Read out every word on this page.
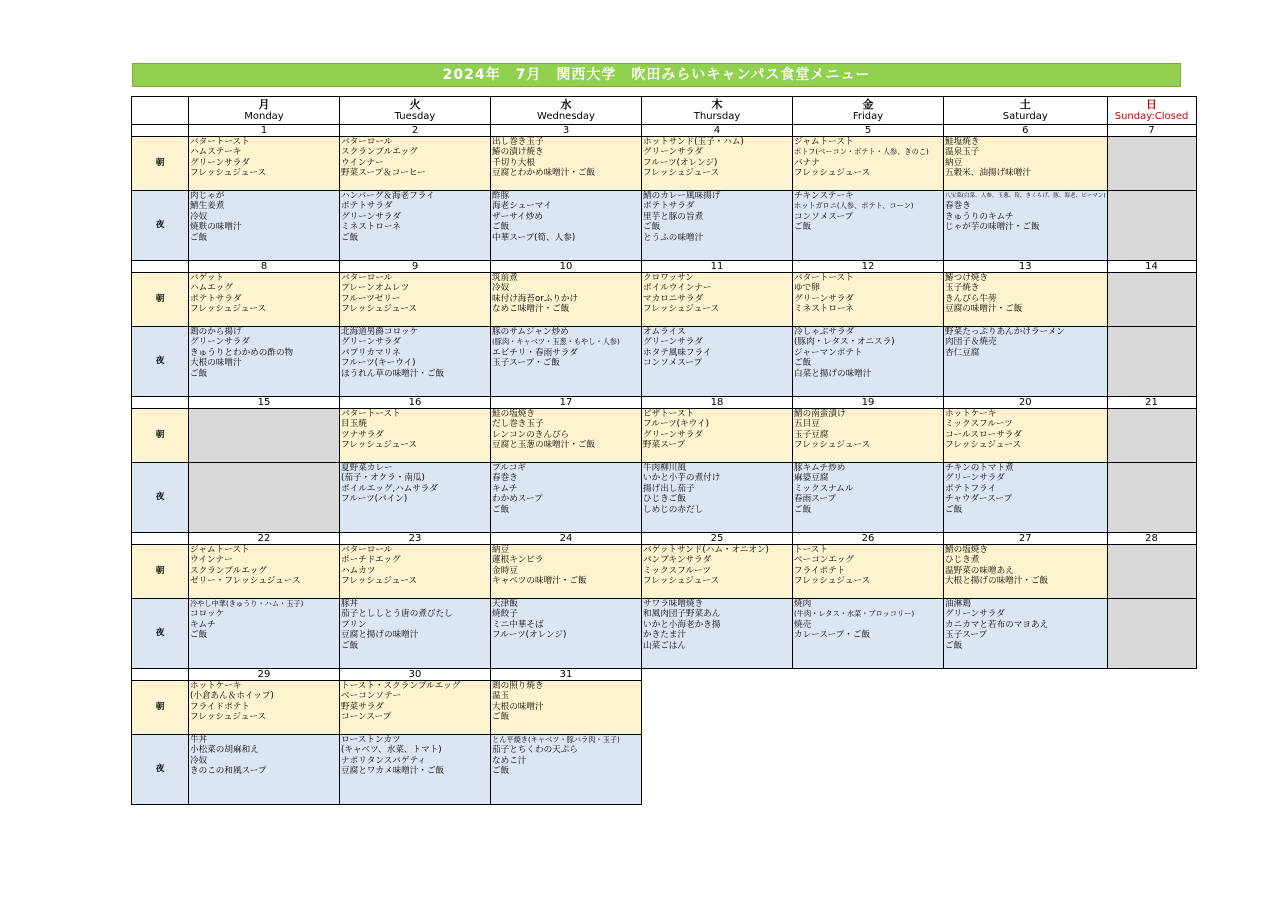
2024年　7月　関西大学　吹田みらいキャンパス食堂メニュー

	月
Monday	火
Tuesday	水
Wednesday	木
Thursday	金
Friday	土
Saturday	日
Sunday:Closed
	1	2	3	4	5	6	7
朝	バタートースト
ハムステーキ
グリーンサラダ
フレッシュジュース	バターロール
スクランブルエッグ
ウインナー
野菜スープ＆コーヒー	出し巻き玉子
鰆の漬け焼き
千切り大根
豆腐とわかめ味噌汁・ご飯	ホットサンド(玉子・ハム)
グリーンサラダ
フルーツ(オレンジ)
フレッシュジュース	ジャムトースト
ポトフ(ベーコン・ポテト・人参、きのこ)
バナナ
フレッシュジュース	鮭塩焼き
温泉玉子
納豆
五穀米、油揚げ味噌汁	

夜	肉じゃが
鯖生姜煮
冷奴
焼麩の味噌汁
ご飯	ハンバーグ＆海老フライ
ポテトサラダ
グリーンサラダ
ミネストローネ
ご飯	酢豚
海老シューマイ
ザーサイ炒め
ご飯
中華スープ(筍、人参)	鯖のカレー風味揚げ
ポテトサラダ
里芋と豚の旨煮
ご飯
とうふの味噌汁	チキンステーキ
ホットガロニ(人参、ポテト、コーン)
コンソメスープ
ご飯	八宝菜(白菜、人参、玉葱、筍、きくらげ、豚、海老、ピーマン)
春巻き
きゅうりのキムチ
じゃが芋の味噌汁・ご飯	

	8	9	10	11	12	13	14
朝	バゲット
ハムエッグ
ポテトサラダ
フレッシュジュース	バターロール
プレーンオムレツ
フルーツゼリー
フレッシュジュース	筑前煮
冷奴
味付け海苔orふりかけ
なめこ味噌汁・ご飯	クロワッサン
ボイルウインナー
マカロニサラダ
フレッシュジュース	バタートースト
ゆで卵
グリーンサラダ
ミネストローネ	鰆つけ焼き
玉子焼き
きんぴら牛蒡
豆腐の味噌汁・ご飯	

夜	鶏のから揚げ
グリーンサラダ
きゅうりとわかめの酢の物
大根の味噌汁
ご飯	北海道男爵コロッケ
グリーンサラダ
パプリカマリネ
フルーツ(キーウイ)
ほうれん草の味噌汁・ご飯	豚のサムジャン炒め
(豚肉・キャベツ・玉葱・もやし・人参)
エビチリ・春雨サラダ
玉子スープ・ご飯	オムライス
グリーンサラダ
ホタテ風味フライ
コンソメスープ	冷しゃぶサラダ
(豚肉・レタス・オニスラ)
ジャーマンポテト
ご飯
白菜と揚げの味噌汁	野菜たっぷりあんかけラーメン
肉団子＆焼売
杏仁豆腐	

	15	16	17	18	19	20	21
朝		バタートースト
目玉焼
ツナサラダ
フレッシュジュース	鮭の塩焼き
だし巻き玉子
レンコンのきんぴら
豆腐と玉葱の味噌汁・ご飯	ピザトースト
フルーツ(キウイ)
グリーンサラダ
野菜スープ	鯖の南蛮漬け
五目豆
玉子豆腐
フレッシュジュース	ホットケーキ
ミックスフルーツ
コールスローサラダ
フレッシュジュース	

夜		夏野菜カレー
(茄子・オクラ・南瓜)
ボイルエッグ,ハムサラダ
フルーツ(パイン)	プルコギ
春巻き
キムチ
わかめスープ
ご飯	牛肉柳川風
いかと小芋の煮付け
揚げ出し茄子
ひじきご飯
しめじの赤だし	豚キムチ炒め
麻婆豆腐
ミックスナムル
春雨スープ
ご飯	チキンのトマト煮
グリーンサラダ
ポテトフライ
チャウダースープ
ご飯	

	22	23	24	25	26	27	28
朝	ジャムトースト
ウインナー
スクランブルエッグ
ゼリー・フレッシュジュース	バターロール
ポーチドエッグ
ハムカツ
フレッシュジュース	納豆
蓮根キンピラ
金時豆
キャベツの味噌汁・ご飯	バゲットサンド(ハム・オニオン)
パンプキンサラダ
ミックスフルーツ
フレッシュジュース	トースト
ベーコンエッグ
フライポテト
フレッシュジュース	鯖の塩焼き
ひじき煮
温野菜の味噌あえ
大根と揚げの味噌汁・ご飯	

夜	冷やし中華(きゅうり・ハム・玉子)
コロッケ
キムチ
ご飯	豚丼
茄子とししとう唐の煮びたし
プリン
豆腐と揚げの味噌汁
ご飯	天津飯
焼餃子
ミニ中華そば
フルーツ(オレンジ)	サワラ味噌焼き
和風肉団子野菜あん
いかと小海老かき揚
かきたま汁
山菜ごはん	焼肉
(牛肉・レタス・水菜・ブロッコリー)
焼売
カレースープ・ご飯	油淋鶏
グリーンサラダ
カニカマと若布のマヨあえ
玉子スープ
ご飯	

	29	30	31				
朝	ホットケーキ
(小倉あん＆ホイップ)
フライドポテト
フレッシュジュース	トースト・スクランブルエッグ
ベーコンソテー
野菜サラダ
コーンスープ	鶏の照り焼き
温玉
大根の味噌汁
ご飯				

夜	牛丼
小松菜の胡麻和え
冷奴
きのこの和風スープ	ローストンカツ
(キャベツ、水菜、トマト)
ナポリタンスパゲティ
豆腐とワカメ味噌汁・ご飯	とん平焼き(キャベツ・豚バラ肉・玉子)
茄子とちくわの天ぷら
なめこ汁
ご飯				
